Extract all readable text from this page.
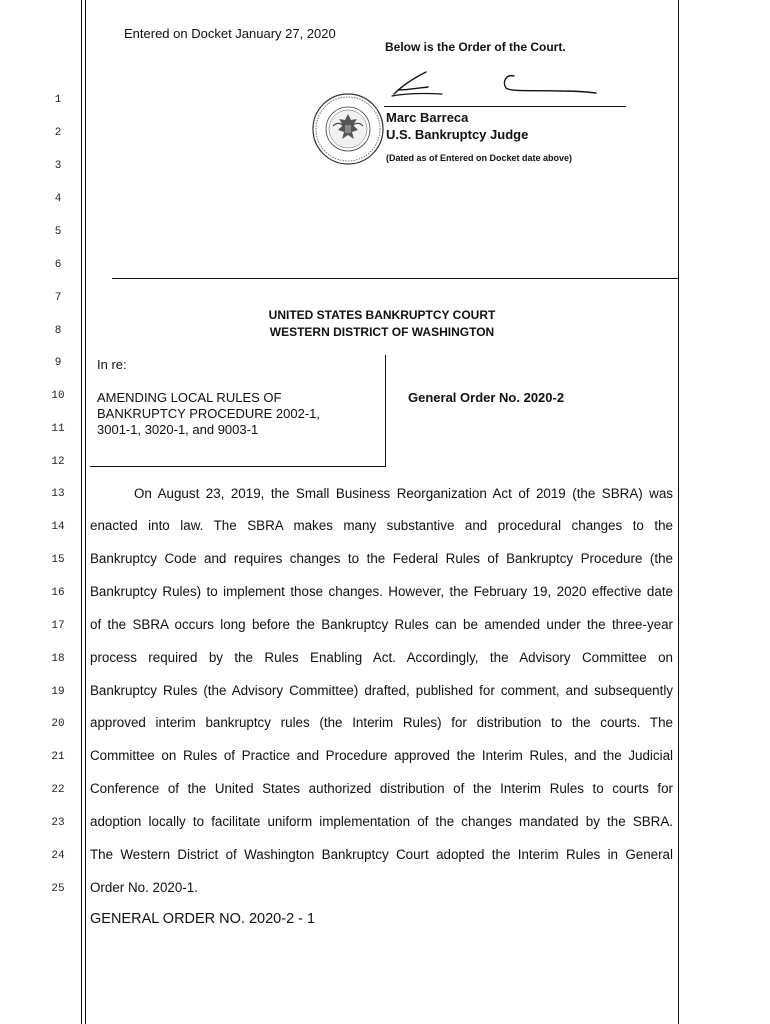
1
2
3
4
5
6
7
8
9
10
11
12
13
14
15
16
17
18
19
20
21
22
23
24
25
Entered on Docket January 27, 2020
Below is the Order of the Court.
Marc Barreca
U.S. Bankruptcy Judge
(Dated as of Entered on Docket date above)
UNITED STATES BANKRUPTCY COURT
WESTERN DISTRICT OF WASHINGTON
In re:
AMENDING LOCAL RULES OF
BANKRUPTCY PROCEDURE 2002-1,
3001-1, 3020-1, and 9003-1
General Order No. 2020-2
On August 23, 2019, the Small Business Reorganization Act of 2019 (the SBRA) was
enacted into law. The SBRA makes many substantive and procedural changes to the
Bankruptcy Code and requires changes to the Federal Rules of Bankruptcy Procedure (the
Bankruptcy Rules) to implement those changes. However, the February 19, 2020 effective date
of the SBRA occurs long before the Bankruptcy Rules can be amended under the three-year
process required by the Rules Enabling Act. Accordingly, the Advisory Committee on
Bankruptcy Rules (the Advisory Committee) drafted, published for comment, and subsequently
approved interim bankruptcy rules (the Interim Rules) for distribution to the courts. The
Committee on Rules of Practice and Procedure approved the Interim Rules, and the Judicial
Conference of the United States authorized distribution of the Interim Rules to courts for
adoption locally to facilitate uniform implementation of the changes mandated by the SBRA.
The Western District of Washington Bankruptcy Court adopted the Interim Rules in General
Order No. 2020-1.
GENERAL ORDER NO. 2020-2 - 1
